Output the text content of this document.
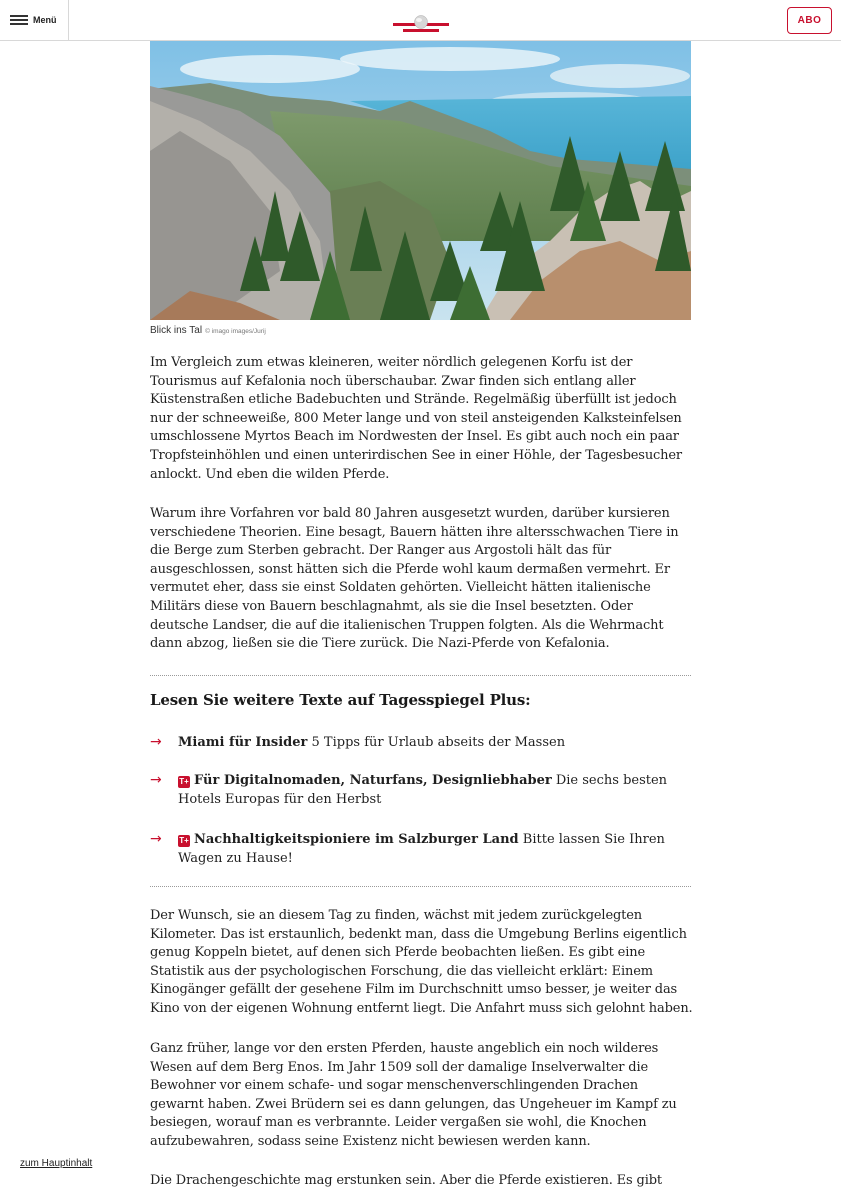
Menü	ABO
Blick ins Tal © imago images/Jurij

Im Vergleich zum etwas kleineren, weiter nördlich gelegenen Korfu ist der Tourismus auf Kefalonia noch überschaubar. Zwar finden sich entlang aller Küstenstraßen etliche Badebuchten und Strände. Regelmäßig überfüllt ist jedoch nur der schneeweiße, 800 Meter lange und von steil ansteigenden Kalksteinfelsen umschlossene Myrtos Beach im Nordwesten der Insel. Es gibt auch noch ein paar Tropfsteinhöhlen und einen unterirdischen See in einer Höhle, der Tagesbesucher anlockt. Und eben die wilden Pferde.

Warum ihre Vorfahren vor bald 80 Jahren ausgesetzt wurden, darüber kursieren verschiedene Theorien. Eine besagt, Bauern hätten ihre altersschwachen Tiere in die Berge zum Sterben gebracht. Der Ranger aus Argostoli hält das für ausgeschlossen, sonst hätten sich die Pferde wohl kaum dermaßen vermehrt. Er vermutet eher, dass sie einst Soldaten gehörten. Vielleicht hätten italienische Militärs diese von Bauern beschlagnahmt, als sie die Insel besetzten. Oder deutsche Landser, die auf die italienischen Truppen folgten. Als die Wehrmacht dann abzog, ließen sie die Tiere zurück. Die Nazi-Pferde von Kefalonia.

Lesen Sie weitere Texte auf Tagesspiegel Plus:
→	Miami für Insider 5 Tipps für Urlaub abseits der Massen
→	T+ Für Digitalnomaden, Naturfans, Designliebhaber Die sechs besten Hotels Europas für den Herbst
→	T+ Nachhaltigkeitspioniere im Salzburger Land Bitte lassen Sie Ihren Wagen zu Hause!

Der Wunsch, sie an diesem Tag zu finden, wächst mit jedem zurückgelegten Kilometer. Das ist erstaunlich, bedenkt man, dass die Umgebung Berlins eigentlich genug Koppeln bietet, auf denen sich Pferde beobachten ließen. Es gibt eine Statistik aus der psychologischen Forschung, die das vielleicht erklärt: Einem Kinogänger gefällt der gesehene Film im Durchschnitt umso besser, je weiter das Kino von der eigenen Wohnung entfernt liegt. Die Anfahrt muss sich gelohnt haben.

Ganz früher, lange vor den ersten Pferden, hauste angeblich ein noch wilderes Wesen auf dem Berg Enos. Im Jahr 1509 soll der damalige Inselverwalter die Bewohner vor einem schafe- und sogar menschenverschlingenden Drachen gewarnt haben. Zwei Brüdern sei es dann gelungen, das Ungeheuer im Kampf zu besiegen, worauf man es verbrannte. Leider vergaßen sie wohl, die Knochen aufzubewahren, sodass seine Existenz nicht bewiesen werden kann.

Die Drachengeschichte mag erstunken sein. Aber die Pferde existieren. Es gibt

zum Hauptinhalt
